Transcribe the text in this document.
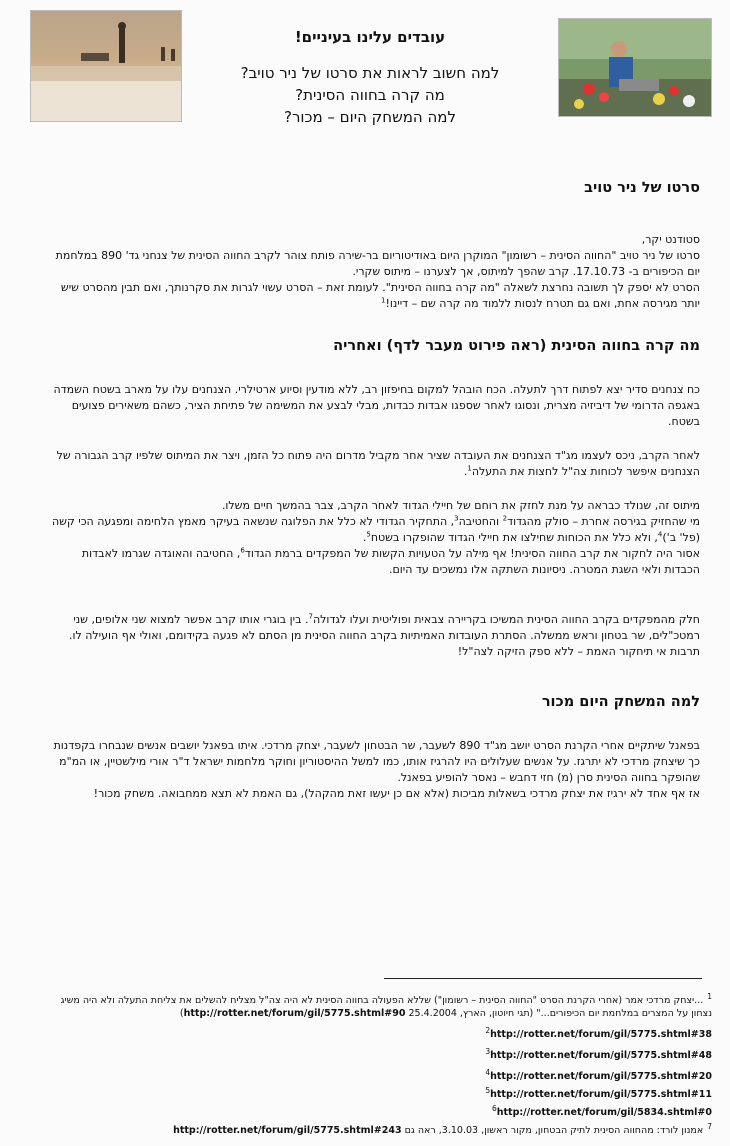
עובדים עלינו בעיניים!
למה חשוב לראות את סרטו של ניר טויב?
מה קרה בחווה הסינית?
למה המשחק היום – מכור?
סרטו של ניר טויב

סטודנט יקר,

סרטו של ניר טויב "החווה הסינית – רשומון" המוקרן היום באודיטוריום בר-שירה פותח צוהר לקרב החווה הסינית של צנחני גד' 890 במלחמת יום הכיפורים ב- 17.10.73. קרב שהפך למיתוס, אך לצערנו – מיתוס שקרי.

הסרט לא יספק לך תשובה נחרצת לשאלה "מה קרה בחווה הסינית". לעומת זאת – הסרט עשוי לגרות את סקרנותך, ואם תבין מהסרט שיש יותר מגירסה אחת, ואם גם תטרח לנסות ללמוד מה קרה שם – דיינו!$^1$

מה קרה בחווה הסינית (ראה פירוט מעבר לדף) ואחריה

כח צנחנים סדיר יצא לפתוח דרך לתעלה. הכח הובהל למקום בחיפזון רב, ללא מודעין וסיוע ארטילרי. הצנחנים עלו על מארב בשטח השמדה באגפה הדרומי של דיביזיה מצרית, ונסוגו לאחר שספגו אבדות כבדות, מבלי לבצע את המשימה של פתיחת הציר, כשהם משאירים פצועים בשטח.

לאחר הקרב, ניכס לעצמו מג"ד הצנחנים את העובדה שציר אחר מקביל מדרום היה פתוח כל הזמן, ויצר את המיתוס שלפיו קרב הגבורה של הצנחנים איפשר לכוחות צה"ל לחצות את התעלה$^1$.

מיתוס זה, שנולד כבראה על מנת לחזק את רוחם של חיילי הגדוד לאחר הקרב, צבר בהמשך חיים משלו.

מי שהחזיק בגירסה אחרת – סולק מהגדוד$^2$ והחטיבה$^3$, התחקיר הגדודי לא כלל את הפלוגה שנשאה בעיקר מאמץ הלחימה ומפגעה הכי קשה (פל' ב')$^4$, ולא כלל את הכוחות שחילצו את חיילי הגדוד שהופקרו בשטח$^5$.

אסור היה לחקור את קרב החווה הסינית! אף מילה על הטעויות הקשות של המפקדים ברמת הגדוד$^6$, החטיבה והאוגדה שגרמו לאבדות הכבדות ולאי השגת המטרה. ניסיונות השתקה אלו נמשכים עד היום.

חלק מהמפקדים בקרב החווה הסינית המשיכו בקריירה צבאית ופוליטית ועלו לגדולה$^7$. בין בוגרי אותו קרב אפשר למצוא שני אלופים, שני רמטכ"לים, שר בטחון וראש ממשלה. הסתרת העובדות האמיתיות בקרב החווה הסינית מן הסתם לא פגעה בקידומם, ואולי אף הועילה לו. תרבות אי תיחקור האמת – ללא ספק הזיקה לצה"ל!

למה המשחק היום מכור

בפאנל שיתקיים אחרי הקרנת הסרט יושב מג"ד 890 לשעבר, שר הבטחון לשעבר, יצחק מרדכי. איתו בפאנל יושבים אנשים שנבחרו בקפדנות כך שיצחק מרדכי לא יתרגז. על אנשים שעלולים היו להרגיז אותו, כמו למשל ההיסטוריון וחוקר מלחמות ישראל ד"ר אורי מילשטיין, או המ"מ שהופקר בחווה הסינית סרן (מ) חזי דחבש – נאסר להופיע בפאנל.

אז אף אחד לא ירגיז את יצחק מרדכי בשאלות מביכות (אלא אם כן יעשו זאת מהקהל), גם האמת לא תצא ממחבואה. משחק מכור!

$^1$...יצחק מרדכי אמר (אחרי הקרנת הסרט "החווה הסינית – רשומון") שללא הפעולה בחווה הסינית לא היה צה"ל מצליח להשלים את צליחת התעלה ולא היה משיג נצחון על המצרים במלחמת יום הכיפורים..." (תגי חיוטון, הארץ, 25.4.2004 http://rotter.net/forum/gil/5775.shtml#90)
$^2$http://rotter.net/forum/gil/5775.shtml#38
$^3$http://rotter.net/forum/gil/5775.shtml#48
$^4$http://rotter.net/forum/gil/5775.shtml#20
$^5$http://rotter.net/forum/gil/5775.shtml#11
$^6$http://rotter.net/forum/gil/5834.shtml#0
$^7$אמנון לורד: מהחווה הסינית לתיק הבטחון, מקור ראשון, 3.10.03, ראה גם http://rotter.net/forum/gil/5775.shtml#243
